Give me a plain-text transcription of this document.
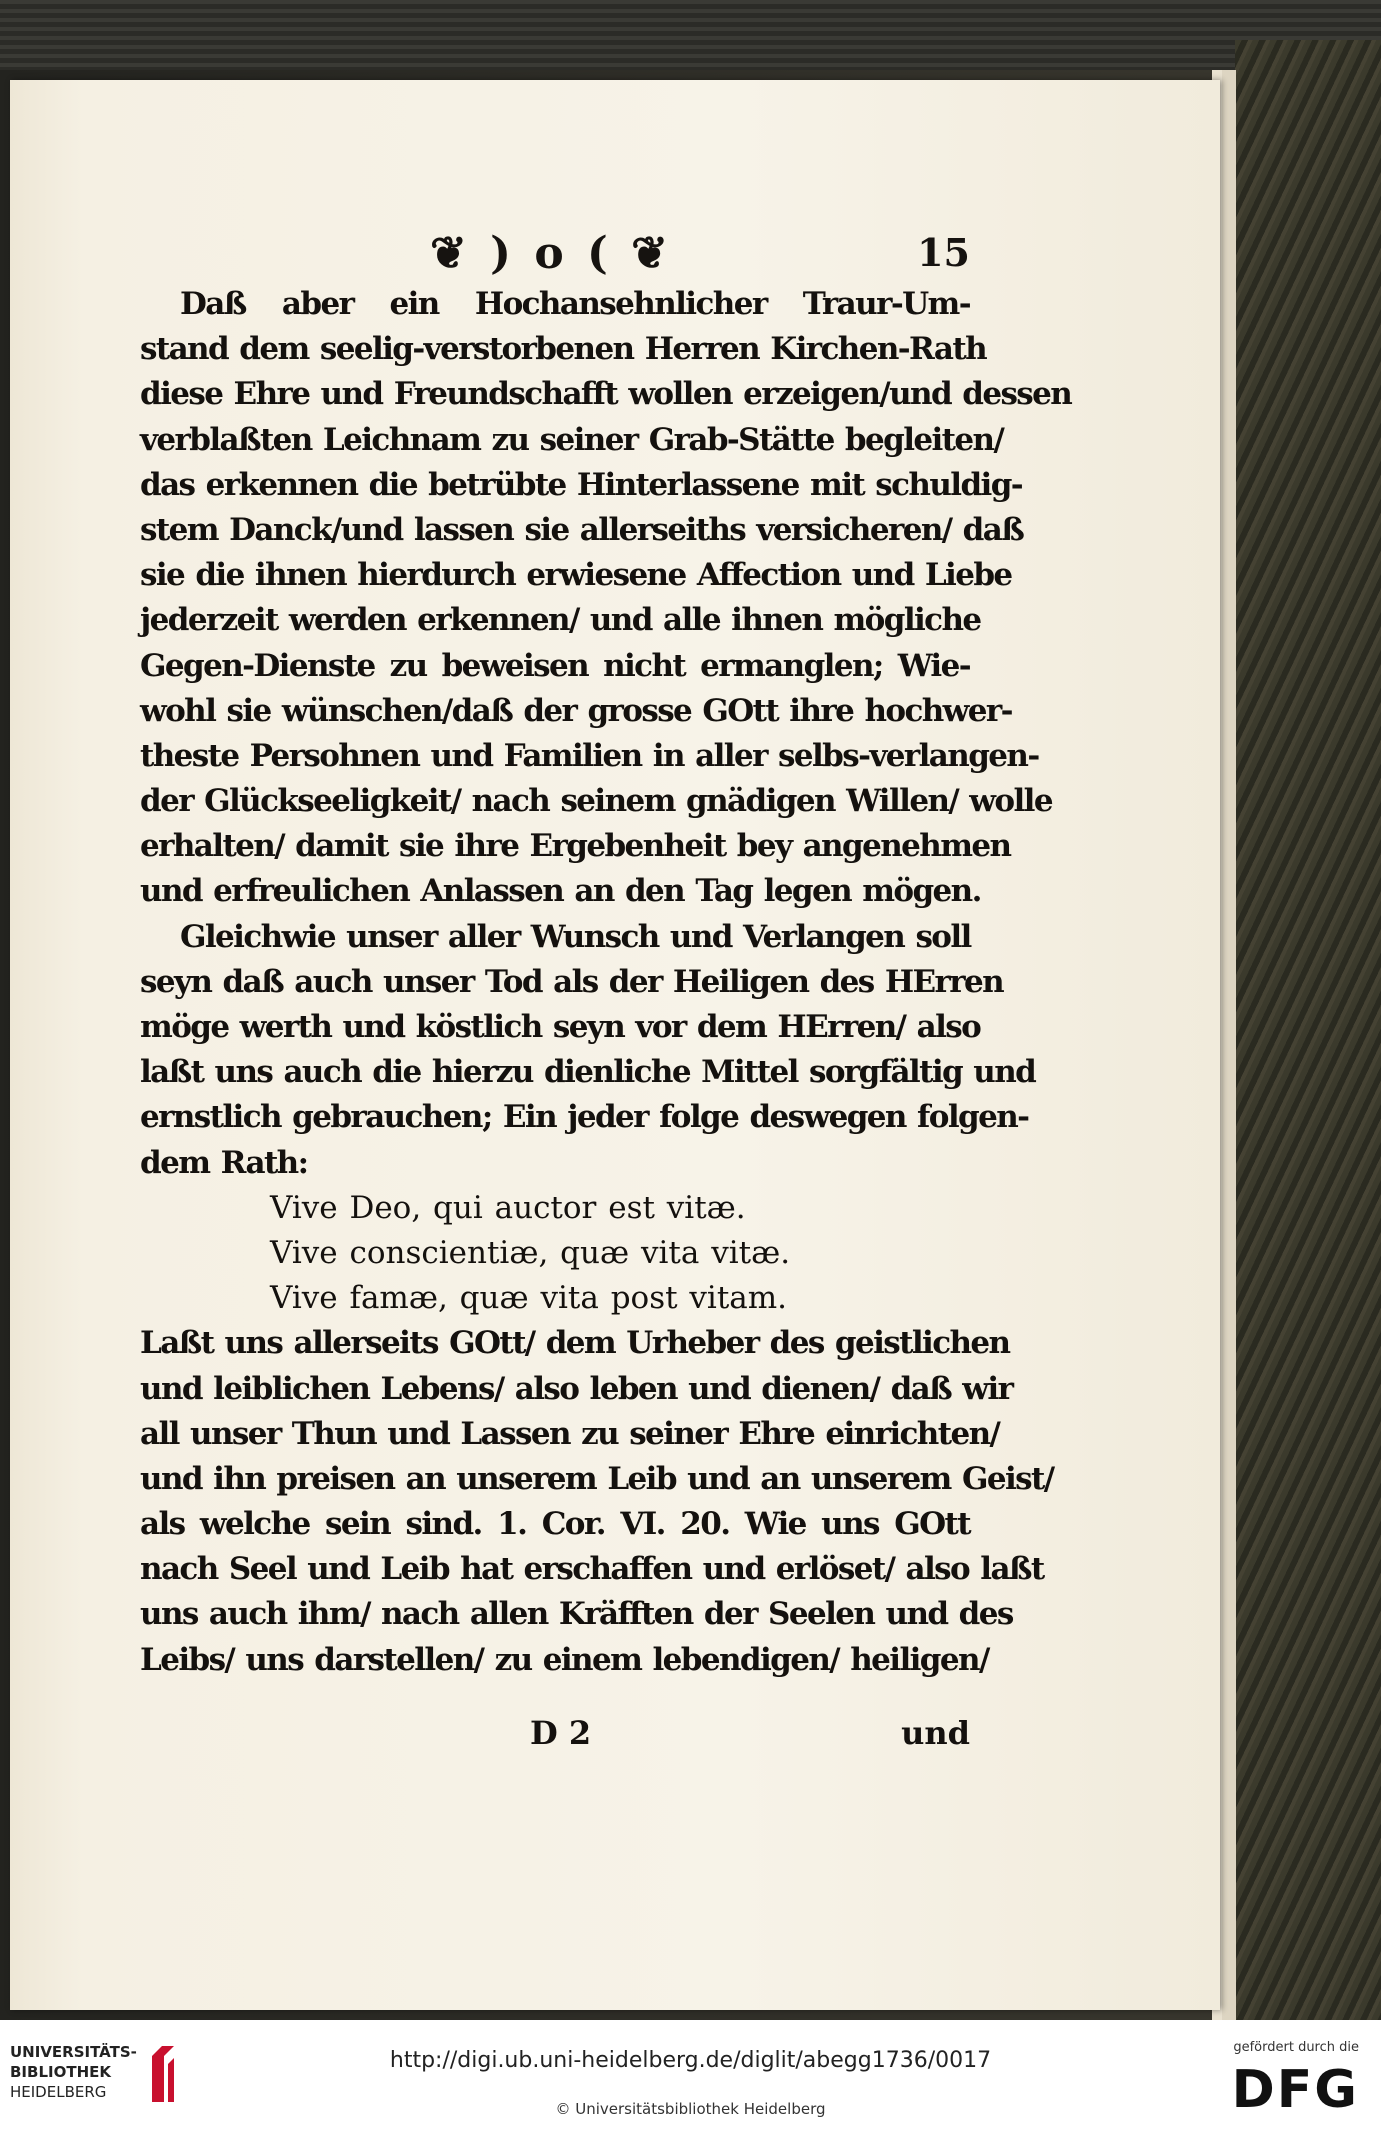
❦ ) o ( ❦	15
Daß aber ein Hochansehnlicher Traur-Um-
stand dem seelig-verstorbenen Herren Kirchen-Rath
diese Ehre und Freundschafft wollen erzeigen/und dessen
verblaßten Leichnam zu seiner Grab-Stätte begleiten/
das erkennen die betrübte Hinterlassene mit schuldig-
stem Danck/und lassen sie allerseiths versicheren/ daß
sie die ihnen hierdurch erwiesene Affection und Liebe
jederzeit werden erkennen/ und alle ihnen mögliche
Gegen-Dienste zu beweisen nicht ermanglen; Wie-
wohl sie wünschen/daß der grosse GOtt ihre hochwer-
theste Persohnen und Familien in aller selbs-verlangen-
der Glückseeligkeit/ nach seinem gnädigen Willen/ wolle
erhalten/ damit sie ihre Ergebenheit bey angenehmen
und erfreulichen Anlassen an den Tag legen mögen.
Gleichwie unser aller Wunsch und Verlangen soll
seyn daß auch unser Tod als der Heiligen des HErren
möge werth und köstlich seyn vor dem HErren/ also
laßt uns auch die hierzu dienliche Mittel sorgfältig und
ernstlich gebrauchen; Ein jeder folge deswegen folgen-
dem Rath:
Vive Deo, qui auctor est vitæ.
Vive conscientiæ, quæ vita vitæ.
Vive famæ, quæ vita post vitam.
Laßt uns allerseits GOtt/ dem Urheber des geistlichen
und leiblichen Lebens/ also leben und dienen/ daß wir
all unser Thun und Lassen zu seiner Ehre einrichten/
und ihn preisen an unserem Leib und an unserem Geist/
als welche sein sind. 1. Cor. VI. 20. Wie uns GOtt
nach Seel und Leib hat erschaffen und erlöset/ also laßt
uns auch ihm/ nach allen Kräfften der Seelen und des
Leibs/ uns darstellen/ zu einem lebendigen/ heiligen/
D 2	und
UNIVERSITÄTS-
BIBLIOTHEK
HEIDELBERG
http://digi.ub.uni-heidelberg.de/diglit/abegg1736/0017
© Universitätsbibliothek Heidelberg
gefördert durch die
DFG
